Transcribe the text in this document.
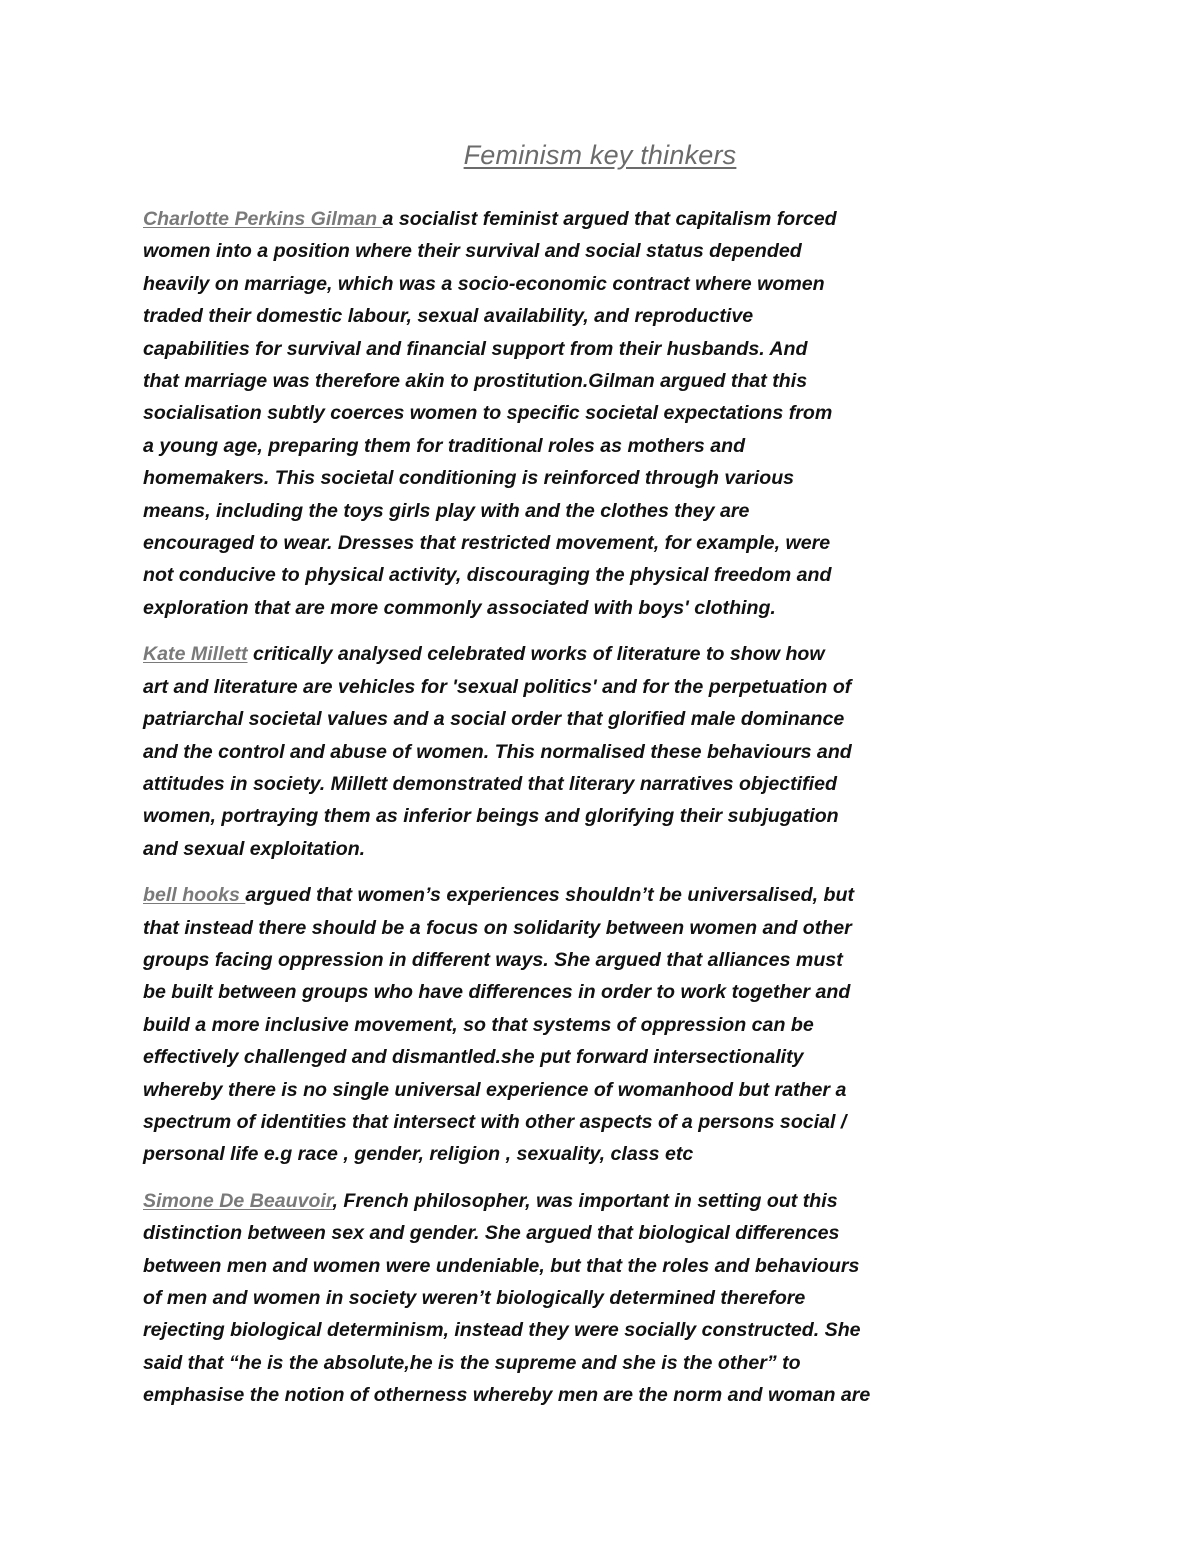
Feminism key thinkers
Charlotte Perkins Gilman a socialist feminist argued that capitalism forced
women into a position where their survival and social status depended
heavily on marriage, which was a socio-economic contract where women
traded their domestic labour, sexual availability, and reproductive
capabilities for survival and financial support from their husbands. And
that marriage was therefore akin to prostitution.Gilman argued that this
socialisation subtly coerces women to specific societal expectations from
a young age, preparing them for traditional roles as mothers and
homemakers. This societal conditioning is reinforced through various
means, including the toys girls play with and the clothes they are
encouraged to wear. Dresses that restricted movement, for example, were
not conducive to physical activity, discouraging the physical freedom and
exploration that are more commonly associated with boys' clothing.
Kate Millett critically analysed celebrated works of literature to show how
art and literature are vehicles for 'sexual politics' and for the perpetuation of
patriarchal societal values and a social order that glorified male dominance
and the control and abuse of women. This normalised these behaviours and
attitudes in society. Millett demonstrated that literary narratives objectified
women, portraying them as inferior beings and glorifying their subjugation
and sexual exploitation.
bell hooks argued that women’s experiences shouldn’t be universalised, but
that instead there should be a focus on solidarity between women and other
groups facing oppression in different ways. She argued that alliances must
be built between groups who have differences in order to work together and
build a more inclusive movement, so that systems of oppression can be
effectively challenged and dismantled.she put forward intersectionality
whereby there is no single universal experience of womanhood but rather a
spectrum of identities that intersect with other aspects of a persons social /
personal life e.g race , gender, religion , sexuality, class etc
Simone De Beauvoir, French philosopher, was important in setting out this
distinction between sex and gender. She argued that biological differences
between men and women were undeniable, but that the roles and behaviours
of men and women in society weren’t biologically determined therefore
rejecting biological determinism, instead they were socially constructed. She
said that “he is the absolute,he is the supreme and she is the other” to
emphasise the notion of otherness whereby men are the norm and woman are
